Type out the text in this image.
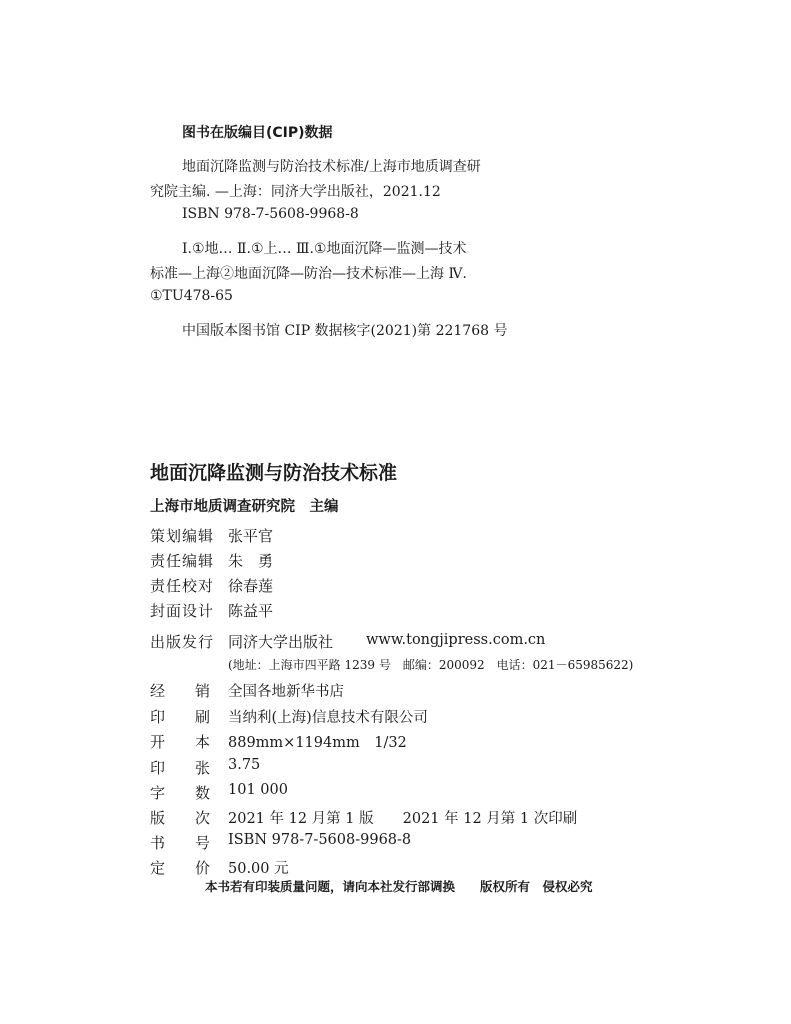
图书在版编目(CIP)数据
地面沉降监测与防治技术标准/上海市地质调查研
究院主编. —上海：同济大学出版社，2021.12
ISBN 978-7-5608-9968-8
Ⅰ.①地… Ⅱ.①上… Ⅲ.①地面沉降—监测—技术
标准—上海②地面沉降—防治—技术标准—上海 Ⅳ.
①TU478-65
中国版本图书馆 CIP 数据核字(2021)第 221768 号
地面沉降监测与防治技术标准
上海市地质调查研究院　主编
策划编辑 张平官
责任编辑 朱　勇
责任校对 徐春莲
封面设计 陈益平
出版发行 同济大学出版社 www.tongjipress.com.cn
(地址：上海市四平路 1239 号　邮编：200092　电话：021－65985622)
经 销 全国各地新华书店
印 刷 当纳利(上海)信息技术有限公司
开 本 889mm×1194mm　1/32
印 张 3.75
字 数 101 000
版 次 2021 年 12 月第 1 版　　2021 年 12 月第 1 次印刷
书 号 ISBN 978-7-5608-9968-8
定 价 50.00 元
本书若有印装质量问题，请向本社发行部调换　　版权所有　侵权必究
